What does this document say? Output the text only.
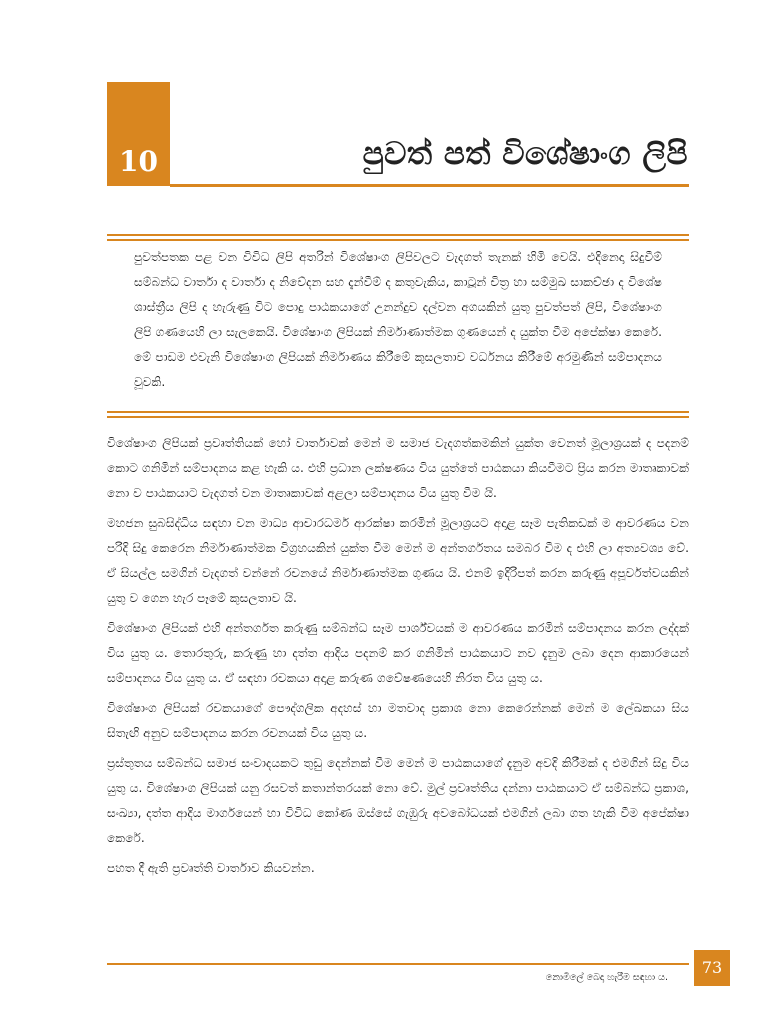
10	පුවත් පත් විශේෂාංග ලිපි
පුවත්පතක පළ වන විවිධ ලිපි අතරින් විශේෂාංග ලිපිවලට වැදගත් තැනක් හිමි වෙයි. එදිනෙදා සිදුවීම් සම්බන්ධ වාර්තා ද වාර්තා ද නිවේදන සහ දැන්වීම් ද කතුවැකිය, කාටූන් චිත්‍ර හා සම්මුඛ සාකච්ඡා ද විශේෂ ශාස්ත්‍රීය ලිපි ද හැරුණු විට පොදු පාඨකයාගේ උනන්දුව දල්වන අගයකින් යුතු පුවත්පත් ලිපි, විශේෂාංග ලිපි ගණයෙහි ලා සැලකෙයි. විශේෂාංග ලිපියක් නිර්මාණාත්මක ගුණයෙන් ද යුක්ත වීම අපේක්ෂා කෙරේ. මේ පාඩම එවැනි විශේෂාංග ලිපියක් නිර්මාණය කිරීමේ කුසලතාව වර්ධනය කිරීමේ අරමුණින් සම්පාදනය වූවකි.

විශේෂාංග ලිපියක් ප්‍රවෘත්තියක් හෝ වාර්තාවක් මෙන් ම සමාජ වැදගත්කමකින් යුක්ත වෙනත් මූලාශ්‍රයක් ද පදනම් කොට ගනිමින් සම්පාදනය කළ හැකි ය. එහි ප්‍රධාන ලක්ෂණය විය යුත්තේ පාඨකයා කියවීමට ප්‍රිය කරන මාතෘකාවක් නො ව පාඨකයාට වැදගත් වන මාතෘකාවක් අළලා සම්පාදනය විය යුතු වීම යි.

මහජන සුබසිද්ධිය සඳහා වන මාධ්‍ය ආචාරධර්ම ආරක්ෂා කරමින් මූලාශ්‍රයට අදාළ සෑම පැතිකඩක් ම ආවරණය වන පරිදි සිදු කෙරෙන නිර්මාණාත්මක විග්‍රහයකින් යුක්ත වීම මෙන් ම අන්තර්ගතය සමබර වීම ද එහි ලා අත්‍යවශ්‍ය වේ. ඒ සියල්ල සමගින් වැදගත් වන්නේ රචනයේ නිර්මාණාත්මක ගුණය යි. එනම් ඉදිරිපත් කරන කරුණු අපූර්වත්වයකින් යුතු ව ගෙන හැර පෑමේ කුසලතාව යි.

විශේෂාංග ලිපියක් එහි අන්තර්ගත කරුණු සම්බන්ධ සෑම පාර්ශ්වයක් ම ආවරණය කරමින් සම්පාදනය කරන ලද්දක් විය යුතු ය. තොරතුරු, කරුණු හා දත්ත ආදිය පදනම් කර ගනිමින් පාඨකයාට නව දැනුම ලබා දෙන ආකාරයෙන් සම්පාදනය විය යුතු ය. ඒ සඳහා රචකයා අදාළ කරුණ ගවේෂණයෙහි නිරත විය යුතු ය.

විශේෂාංග ලිපියක් රචකයාගේ පෞද්ගලික අදහස් හා මතවාද ප්‍රකාශ නො කෙරෙන්නක් මෙන් ම ලේඛකයා සිය සිතැඟි අනුව සම්පාදනය කරන රචනයක් විය යුතු ය.

ප්‍රස්තුතය සම්බන්ධ සමාජ සංවාදයකට තුඩු දෙන්නක් වීම මෙන් ම පාඨකයාගේ දැනුම අවදි කිරීමක් ද එමගින් සිදු විය යුතු ය. විශේෂාංග ලිපියක් යනු රසවත් කතාන්තරයක් නො වේ. මුල් ප්‍රවෘත්තිය දන්නා පාඨකයාට ඒ සම්බන්ධ ප්‍රකාශ, සංඛ්‍යා, දත්ත ආදිය මාර්ගයෙන් හා විවිධ කෝණ ඔස්සේ ගැඹුරු අවබෝධයක් එමගින් ලබා ගත හැකි වීම අපේක්ෂා කෙරේ.

පහත දී ඇති ප්‍රවෘත්ති වාර්තාව කියවන්න.

නොමිලේ බෙදා හැරීම සඳහා ය.
73
